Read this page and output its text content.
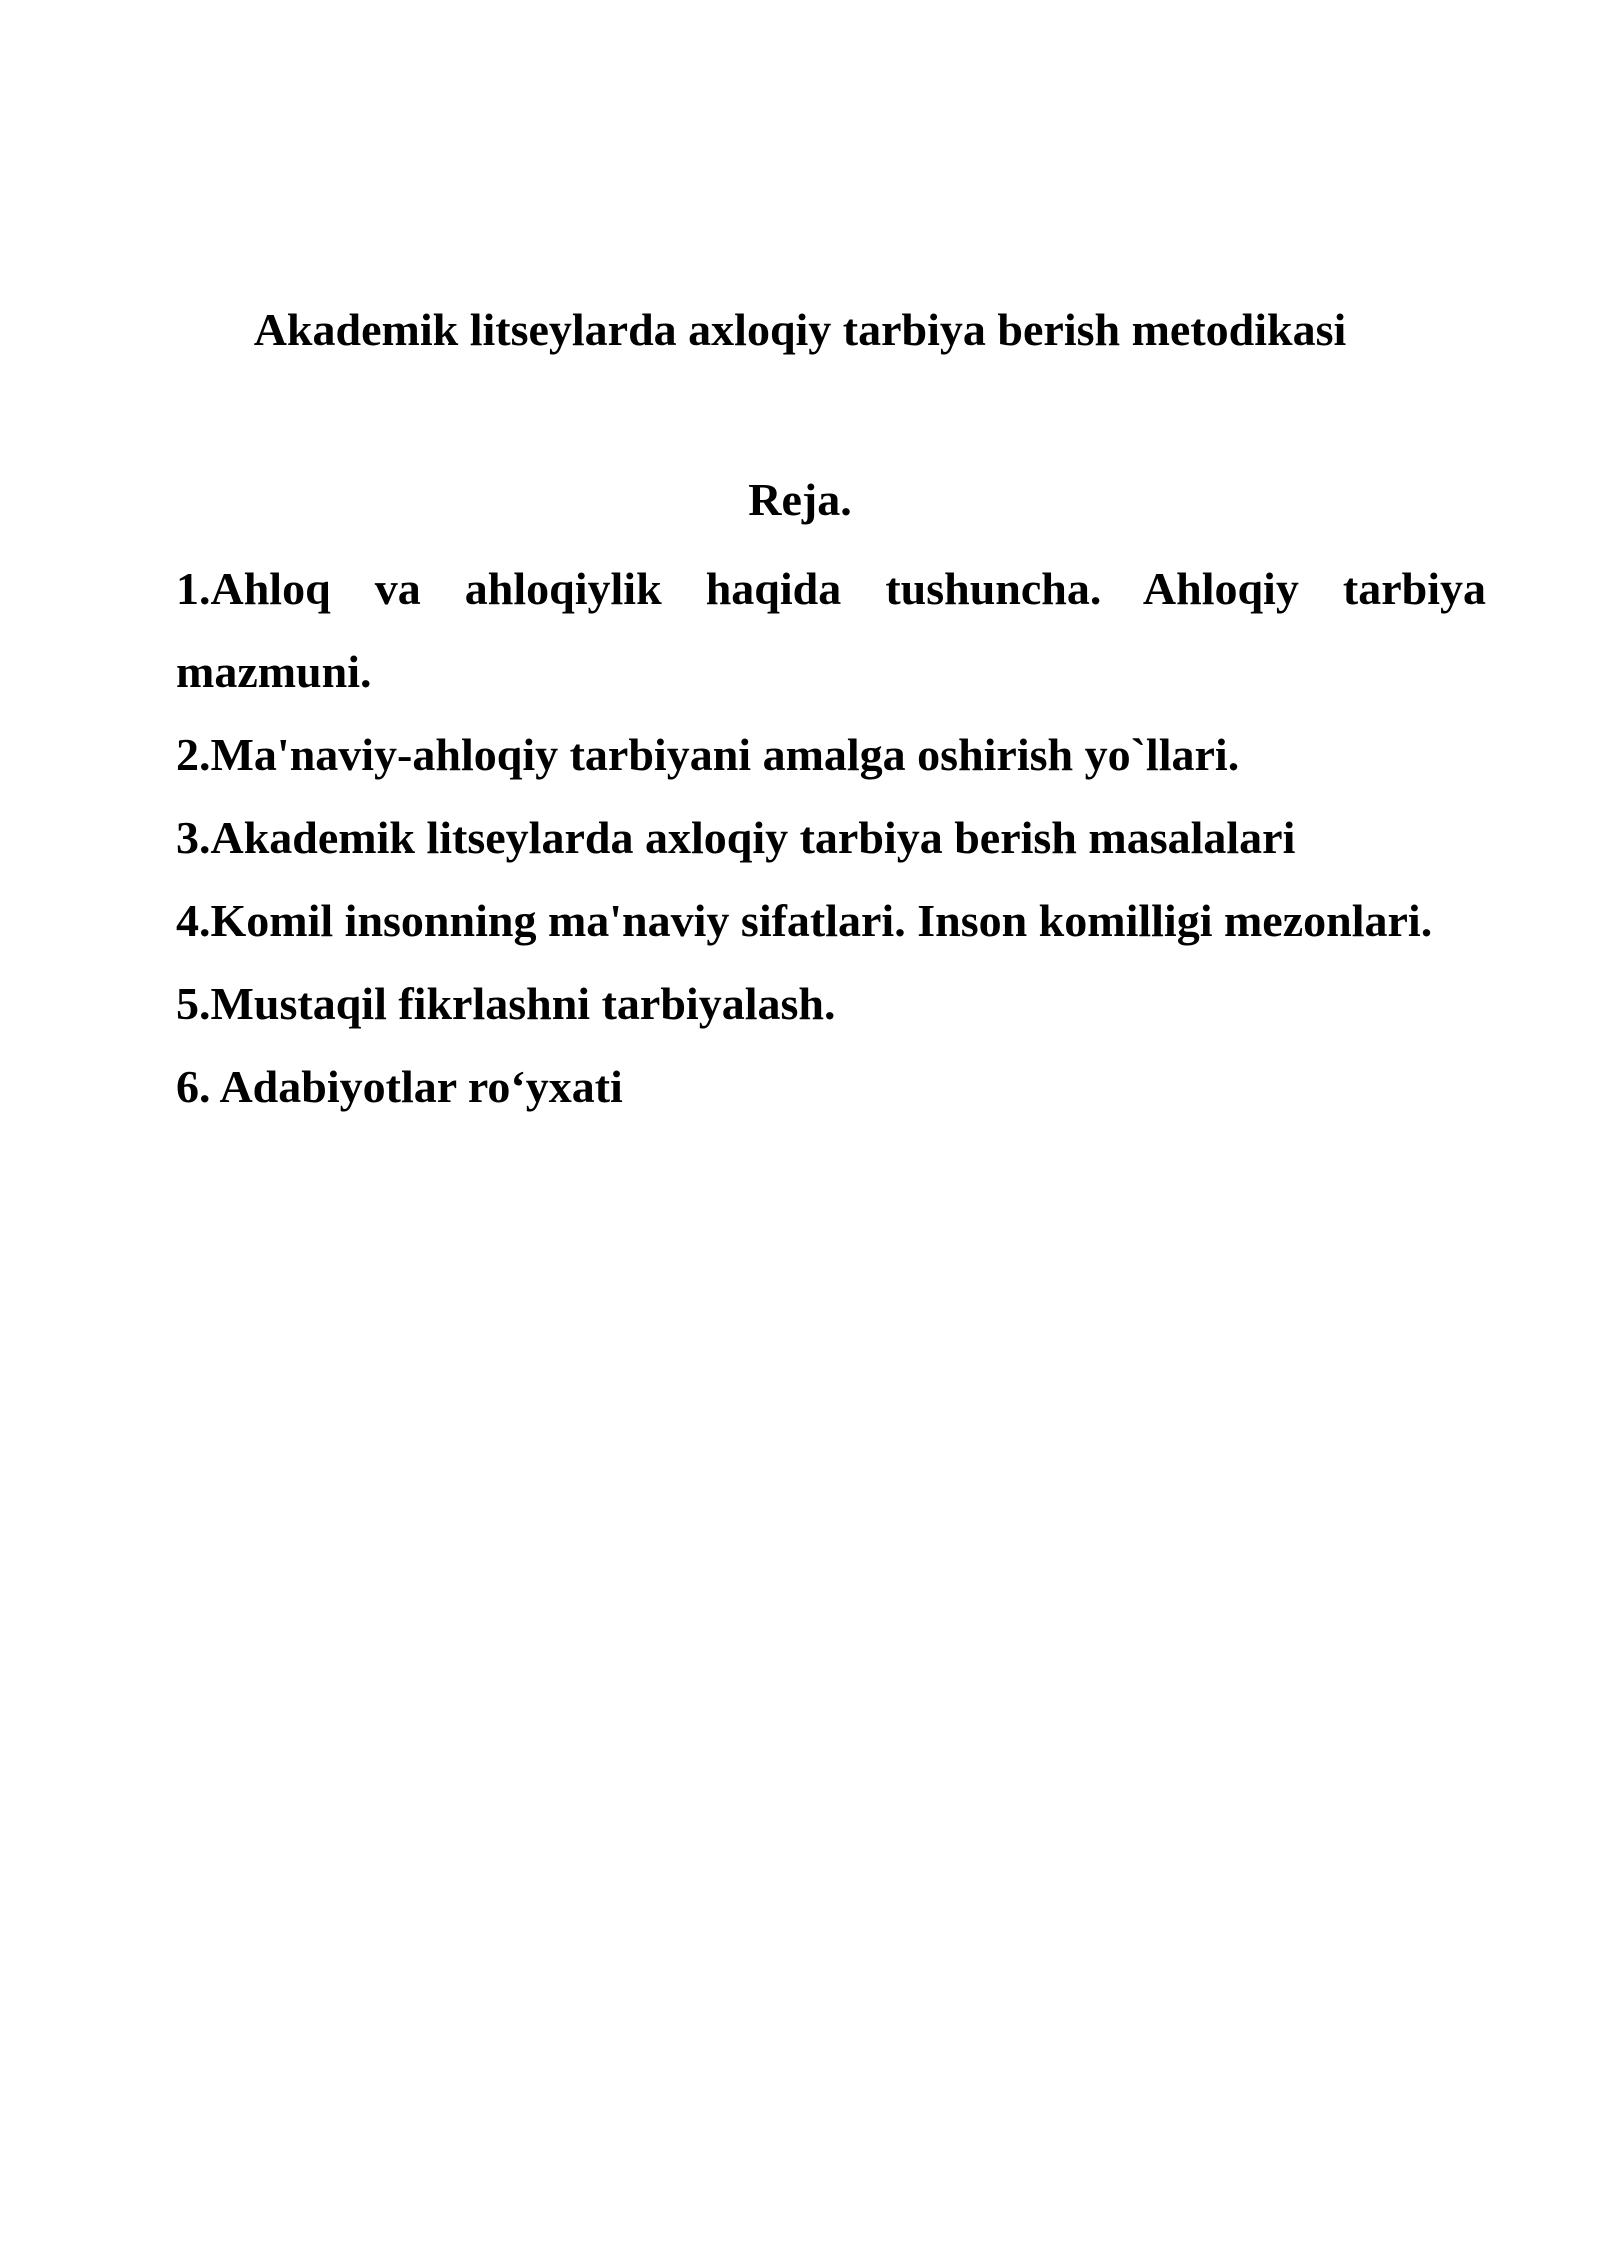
Akademik litseylarda axloqiy tarbiya berish metodikasi
Reja.
1.Ahloq va ahloqiylik haqida tushuncha. Ahloqiy tarbiya mazmuni.
2.Ma'naviy-ahloqiy tarbiyani amalga oshirish yo`llari.
3.Akademik litseylarda axloqiy tarbiya berish masalalari
4.Komil insonning ma'naviy sifatlari. Inson komilligi mezonlari.
5.Mustaqil fikrlashni tarbiyalash.
6. Adabiyotlar ro‘yxati
